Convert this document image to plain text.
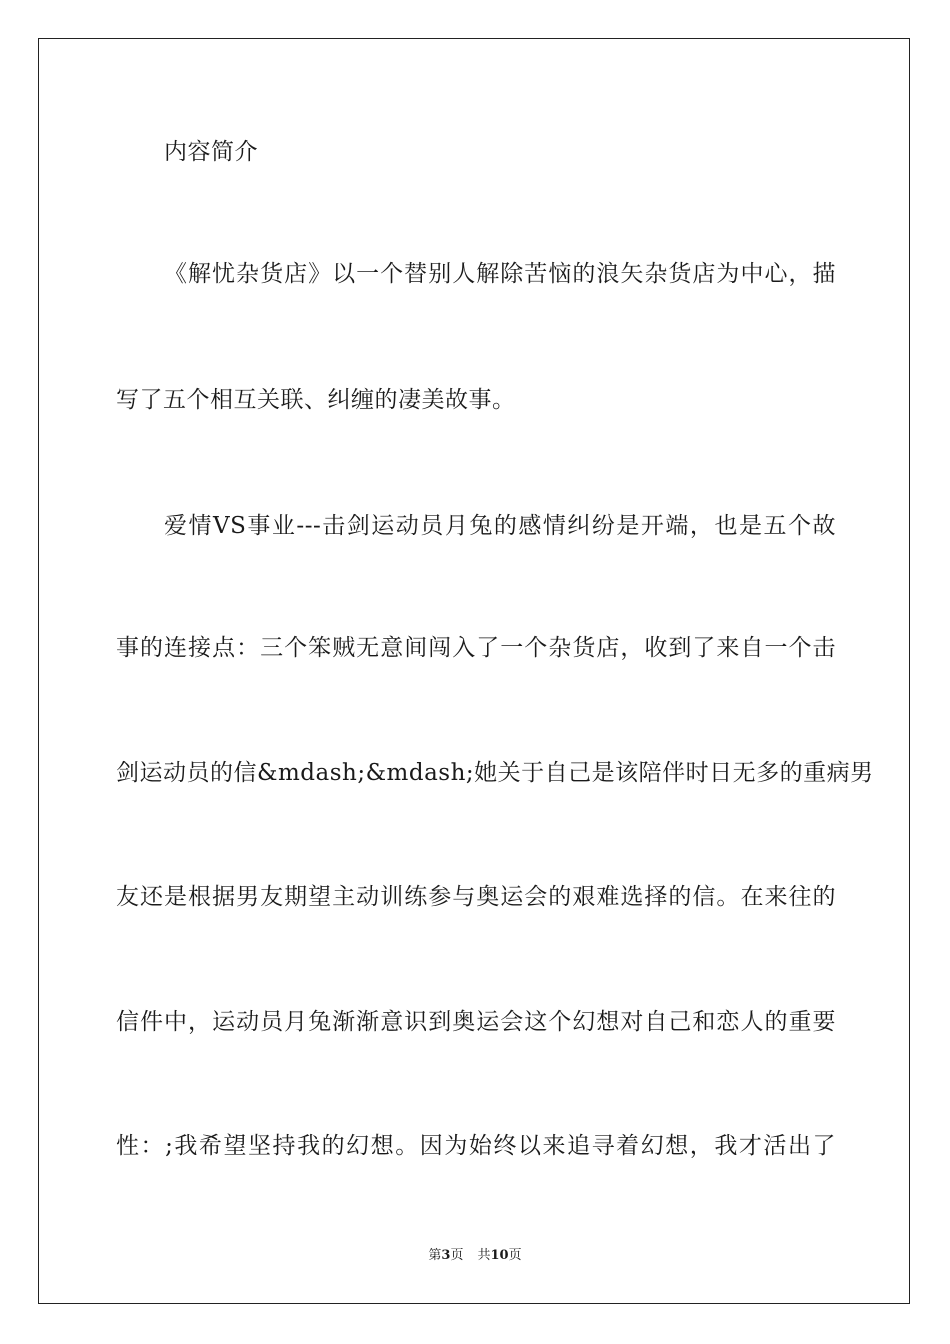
内容简介
《解忧杂货店》以一个替别人解除苦恼的浪矢杂货店为中心，描
写了五个相互关联、纠缠的凄美故事。
爱情VS事业---击剑运动员月兔的感情纠纷是开端，也是五个故
事的连接点：三个笨贼无意间闯入了一个杂货店，收到了来自一个击
剑运动员的信&mdash;&mdash;她关于自己是该陪伴时日无多的重病男
友还是根据男友期望主动训练参与奥运会的艰难选择的信。在来往的
信件中，运动员月兔渐渐意识到奥运会这个幻想对自己和恋人的重要
性：;我希望坚持我的幻想。因为始终以来追寻着幻想，我才活出了
第3页 共10页
